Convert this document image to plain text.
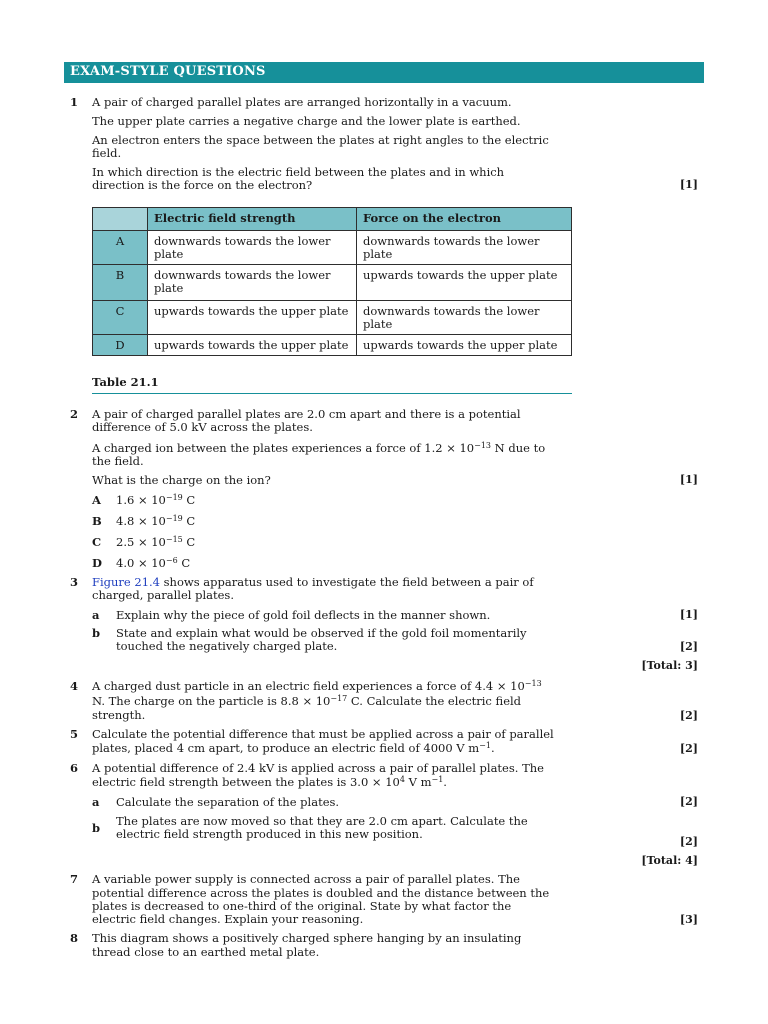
EXAM-STYLE QUESTIONS
1 A pair of charged parallel plates are arranged horizontally in a vacuum.
The upper plate carries a negative charge and the lower plate is earthed.
An electron enters the space between the plates at right angles to the electric
field.
In which direction is the electric field between the plates and in which
direction is the force on the electron?	[1]
	Electric field strength	Force on the electron
A	downwards towards the lower plate	downwards towards the lower plate
B	downwards towards the lower plate	upwards towards the upper plate
C	upwards towards the upper plate	downwards towards the lower plate
D	upwards towards the upper plate	upwards towards the upper plate
Table 21.1
2 A pair of charged parallel plates are 2.0 cm apart and there is a potential
difference of 5.0 kV across the plates.
A charged ion between the plates experiences a force of $1.2 \times 10^{-13}$ N due to
the field.
What is the charge on the ion?	[1]
A $1.6 \times 10^{-19}$ C
B $4.8 \times 10^{-19}$ C
C $2.5 \times 10^{-15}$ C
D $4.0 \times 10^{-6}$ C
3 Figure 21.4 shows apparatus used to investigate the field between a pair of
charged, parallel plates.
a Explain why the piece of gold foil deflects in the manner shown.	[1]
b State and explain what would be observed if the gold foil momentarily
touched the negatively charged plate.	[2]
[Total: 3]
4 A charged dust particle in an electric field experiences a force of $4.4 \times 10^{-13}$
N. The charge on the particle is $8.8 \times 10^{-17}$ C. Calculate the electric field
strength.	[2]
5 Calculate the potential difference that must be applied across a pair of parallel
plates, placed 4 cm apart, to produce an electric field of 4000 V $m^{-1}$.	[2]
6 A potential difference of 2.4 kV is applied across a pair of parallel plates. The
electric field strength between the plates is $3.0 \times 10^4$ V $m^{-1}$.
a Calculate the separation of the plates.	[2]
The plates are now moved so that they are 2.0 cm apart. Calculate the
b electric field strength produced in this new position.
[2]
[Total: 4]
7 A variable power supply is connected across a pair of parallel plates. The
potential difference across the plates is doubled and the distance between the
plates is decreased to one-third of the original. State by what factor the
electric field changes. Explain your reasoning.	[3]
8 This diagram shows a positively charged sphere hanging by an insulating
thread close to an earthed metal plate.
